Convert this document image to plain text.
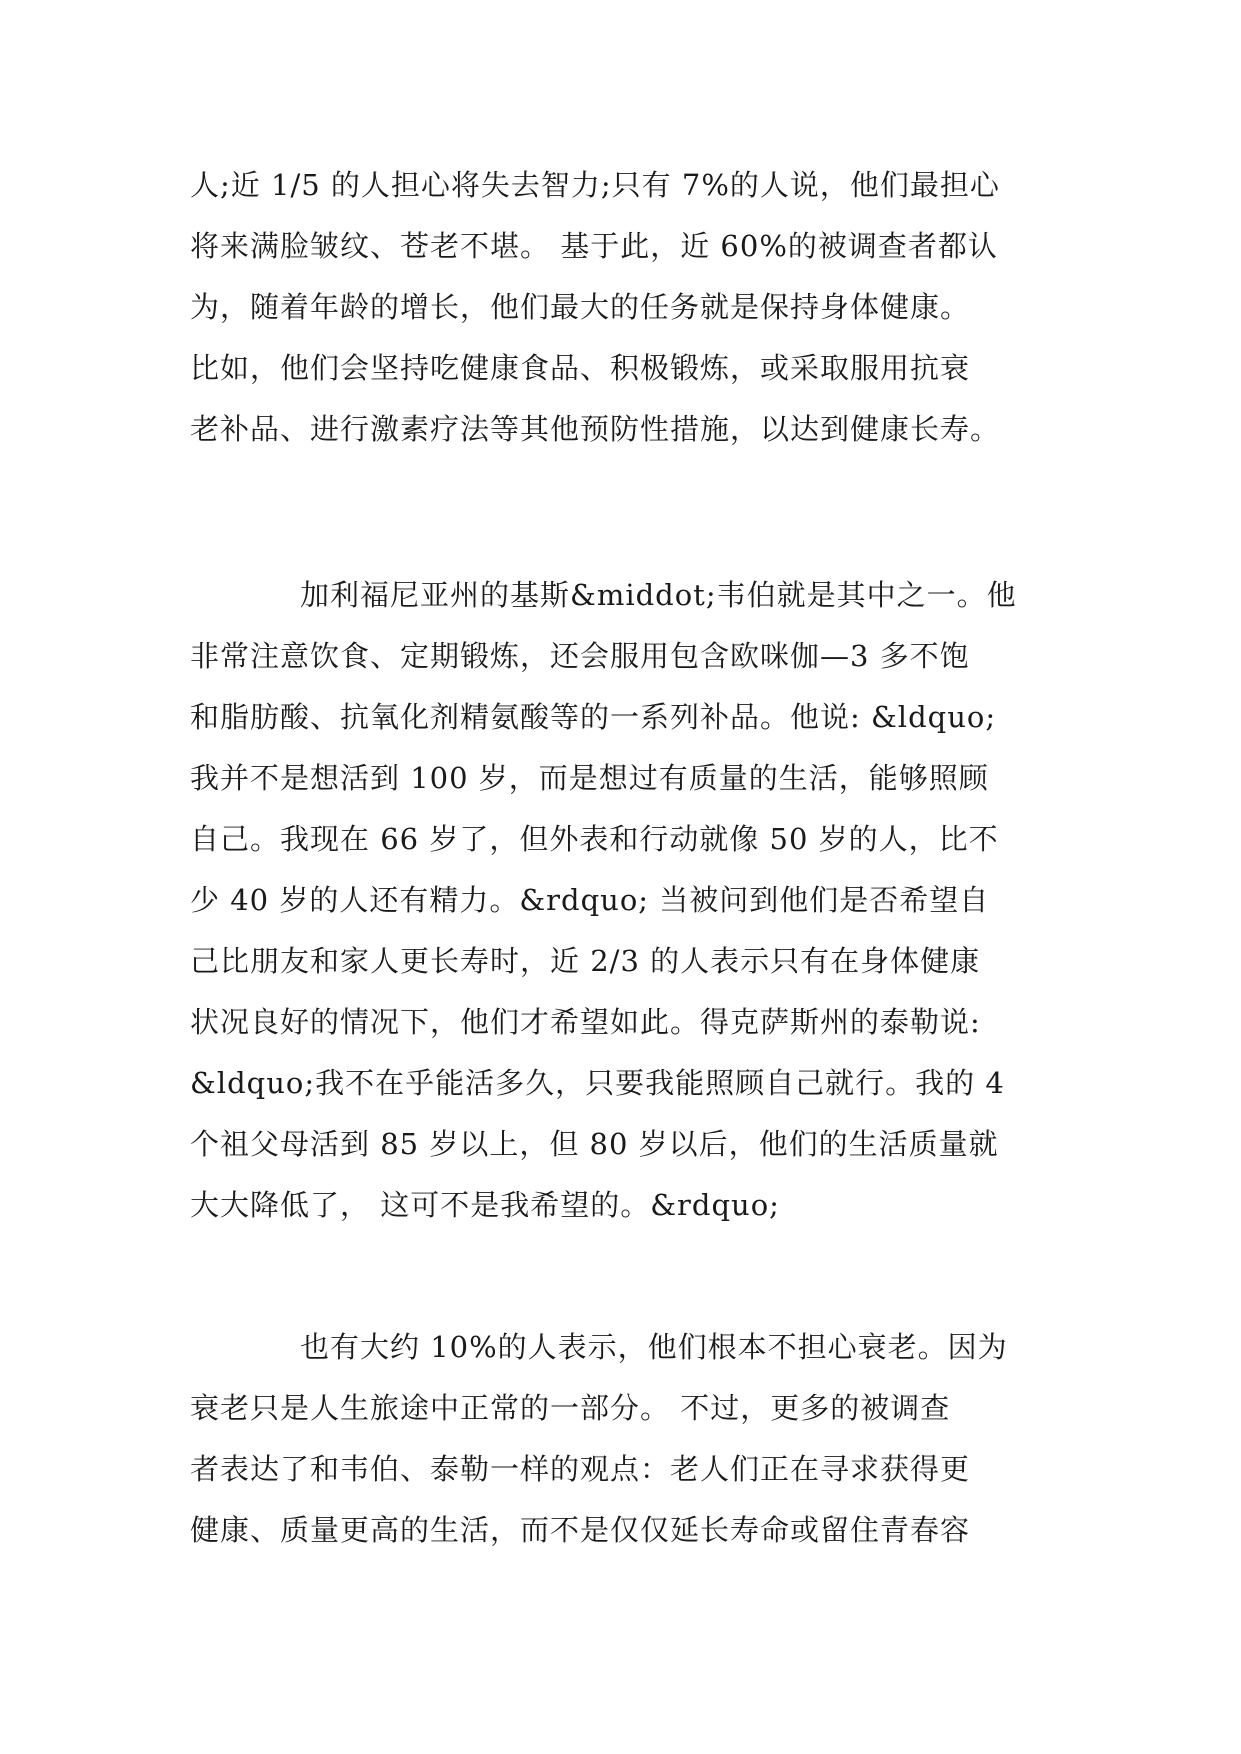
人;近 1/5 的人担心将失去智力;只有 7%的人说，他们最担心
将来满脸皱纹、苍老不堪。 基于此，近 60%的被调查者都认
为，随着年龄的增长，他们最大的任务就是保持身体健康。
比如，他们会坚持吃健康食品、积极锻炼，或采取服用抗衰
老补品、进行激素疗法等其他预防性措施，以达到健康长寿。

加利福尼亚州的基斯&middot;韦伯就是其中之一。他
非常注意饮食、定期锻炼，还会服用包含欧咪伽—3 多不饱
和脂肪酸、抗氧化剂精氨酸等的一系列补品。他说: &ldquo;
我并不是想活到 100 岁，而是想过有质量的生活，能够照顾
自己。我现在 66 岁了，但外表和行动就像 50 岁的人，比不
少 40 岁的人还有精力。&rdquo; 当被问到他们是否希望自
己比朋友和家人更长寿时，近 2/3 的人表示只有在身体健康
状况良好的情况下，他们才希望如此。得克萨斯州的泰勒说:
&ldquo;我不在乎能活多久，只要我能照顾自己就行。我的 4
个祖父母活到 85 岁以上，但 80 岁以后，他们的生活质量就
大大降低了， 这可不是我希望的。&rdquo;

也有大约 10%的人表示，他们根本不担心衰老。因为
衰老只是人生旅途中正常的一部分。 不过，更多的被调查
者表达了和韦伯、泰勒一样的观点：老人们正在寻求获得更
健康、质量更高的生活，而不是仅仅延长寿命或留住青春容
